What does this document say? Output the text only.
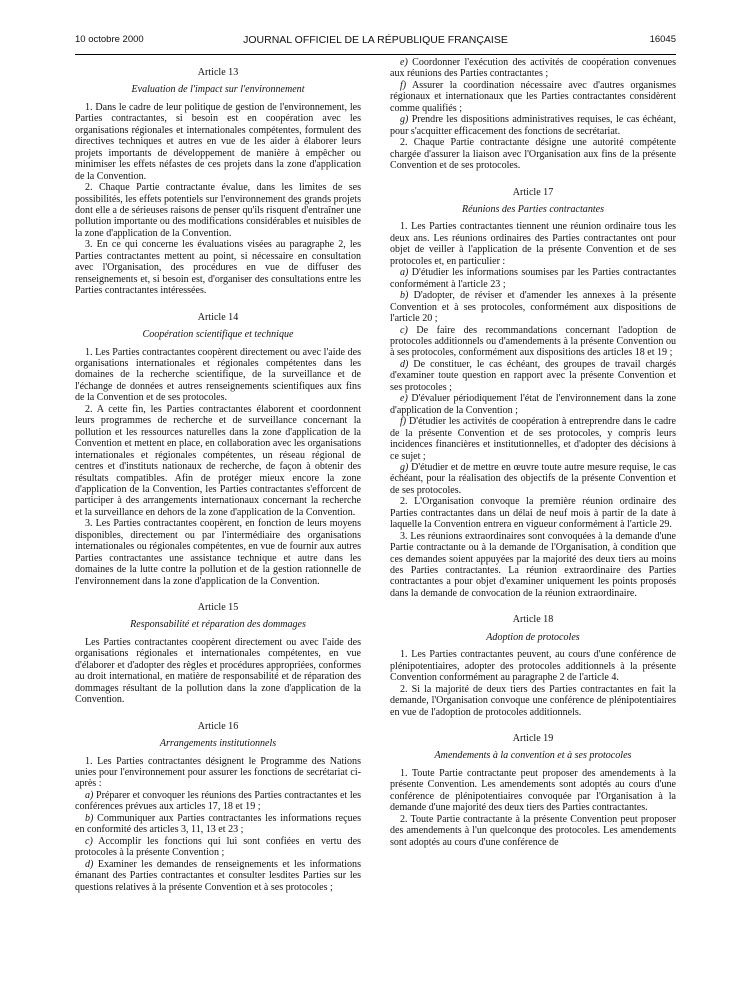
10 octobre 2000	JOURNAL OFFICIEL DE LA RÉPUBLIQUE FRANÇAISE	16045

Article 13

Evaluation de l'impact sur l'environnement

1. Dans le cadre de leur politique de gestion de l'environnement, les Parties contractantes, si besoin est en coopération avec les organisations régionales et internationales compétentes, formulent des directives techniques et autres en vue de les aider à élaborer leurs projets importants de développement de manière à empêcher ou minimiser les effets néfastes de ces projets dans la zone d'application de la Convention.

2. Chaque Partie contractante évalue, dans les limites de ses possibilités, les effets potentiels sur l'environnement des grands projets dont elle a de sérieuses raisons de penser qu'ils risquent d'entraîner une pollution importante ou des modifications considérables et nuisibles de la zone d'application de la Convention.

3. En ce qui concerne les évaluations visées au paragraphe 2, les Parties contractantes mettent au point, si nécessaire en consultation avec l'Organisation, des procédures en vue de diffuser des renseignements et, si besoin est, d'organiser des consultations entre les Parties contractantes intéressées.

Article 14

Coopération scientifique et technique

1. Les Parties contractantes coopèrent directement ou avec l'aide des organisations internationales et régionales compétentes dans les domaines de la recherche scientifique, de la surveillance et de l'échange de données et autres renseignements scientifiques aux fins de la Convention et de ses protocoles.

2. A cette fin, les Parties contractantes élaborent et coordonnent leurs programmes de recherche et de surveillance concernant la pollution et les ressources naturelles dans la zone d'application de la Convention et mettent en place, en collaboration avec les organisations internationales et régionales compétentes, un réseau régional de centres et d'instituts nationaux de recherche, de façon à obtenir des résultats compatibles. Afin de protéger mieux encore la zone d'application de la Convention, les Parties contractantes s'efforcent de participer à des arrangements internationaux concernant la recherche et la surveillance en dehors de la zone d'application de la Convention.

3. Les Parties contractantes coopèrent, en fonction de leurs moyens disponibles, directement ou par l'intermédiaire des organisations internationales ou régionales compétentes, en vue de fournir aux autres Parties contractantes une assistance technique et autre dans les domaines de la lutte contre la pollution et de la gestion rationnelle de l'environnement dans la zone d'application de la Convention.

Article 15

Responsabilité et réparation des dommages

Les Parties contractantes coopèrent directement ou avec l'aide des organisations régionales et internationales compétentes, en vue d'élaborer et d'adopter des règles et procédures appropriées, conformes au droit international, en matière de responsabilité et de réparation des dommages résultant de la pollution dans la zone d'application de la Convention.

Article 16

Arrangements institutionnels

1. Les Parties contractantes désignent le Programme des Nations unies pour l'environnement pour assurer les fonctions de secrétariat ci-après :

a) Préparer et convoquer les réunions des Parties contractantes et les conférences prévues aux articles 17, 18 et 19 ;

b) Communiquer aux Parties contractantes les informations reçues en conformité des articles 3, 11, 13 et 23 ;

c) Accomplir les fonctions qui lui sont confiées en vertu des protocoles à la présente Convention ;

d) Examiner les demandes de renseignements et les informations émanant des Parties contractantes et consulter lesdites Parties sur les questions relatives à la présente Convention et à ses protocoles ;

e) Coordonner l'exécution des activités de coopération convenues aux réunions des Parties contractantes ;

f) Assurer la coordination nécessaire avec d'autres organismes régionaux et internationaux que les Parties contractantes considèrent comme qualifiés ;

g) Prendre les dispositions administratives requises, le cas échéant, pour s'acquitter efficacement des fonctions de secrétariat.

2. Chaque Partie contractante désigne une autorité compétente chargée d'assurer la liaison avec l'Organisation aux fins de la présente Convention et de ses protocoles.

Article 17

Réunions des Parties contractantes

1. Les Parties contractantes tiennent une réunion ordinaire tous les deux ans. Les réunions ordinaires des Parties contractantes ont pour objet de veiller à l'application de la présente Convention et de ses protocoles et, en particulier :

a) D'étudier les informations soumises par les Parties contractantes conformément à l'article 23 ;

b) D'adopter, de réviser et d'amender les annexes à la présente Convention et à ses protocoles, conformément aux dispositions de l'article 20 ;

c) De faire des recommandations concernant l'adoption de protocoles additionnels ou d'amendements à la présente Convention ou à ses protocoles, conformément aux dispositions des articles 18 et 19 ;

d) De constituer, le cas échéant, des groupes de travail chargés d'examiner toute question en rapport avec la présente Convention et ses protocoles ;

e) D'évaluer périodiquement l'état de l'environnement dans la zone d'application de la Convention ;

f) D'étudier les activités de coopération à entreprendre dans le cadre de la présente Convention et de ses protocoles, y compris leurs incidences financières et institutionnelles, et d'adopter des décisions à ce sujet ;

g) D'étudier et de mettre en œuvre toute autre mesure requise, le cas échéant, pour la réalisation des objectifs de la présente Convention et de ses protocoles.

2. L'Organisation convoque la première réunion ordinaire des Parties contractantes dans un délai de neuf mois à partir de la date à laquelle la Convention entrera en vigueur conformément à l'article 29.

3. Les réunions extraordinaires sont convoquées à la demande d'une Partie contractante ou à la demande de l'Organisation, à condition que ces demandes soient appuyées par la majorité des deux tiers au moins des Parties contractantes. La réunion extraordinaire des Parties contractantes a pour objet d'examiner uniquement les points proposés dans la demande de convocation de la réunion extraordinaire.

Article 18

Adoption de protocoles

1. Les Parties contractantes peuvent, au cours d'une conférence de plénipotentiaires, adopter des protocoles additionnels à la présente Convention conformément au paragraphe 2 de l'article 4.

2. Si la majorité de deux tiers des Parties contractantes en fait la demande, l'Organisation convoque une conférence de plénipotentiaires en vue de l'adoption de protocoles additionnels.

Article 19

Amendements à la convention et à ses protocoles

1. Toute Partie contractante peut proposer des amendements à la présente Convention. Les amendements sont adoptés au cours d'une conférence de plénipotentiaires convoquée par l'Organisation à la demande d'une majorité des deux tiers des Parties contractantes.

2. Toute Partie contractante à la présente Convention peut proposer des amendements à l'un quelconque des protocoles. Les amendements sont adoptés au cours d'une conférence de
